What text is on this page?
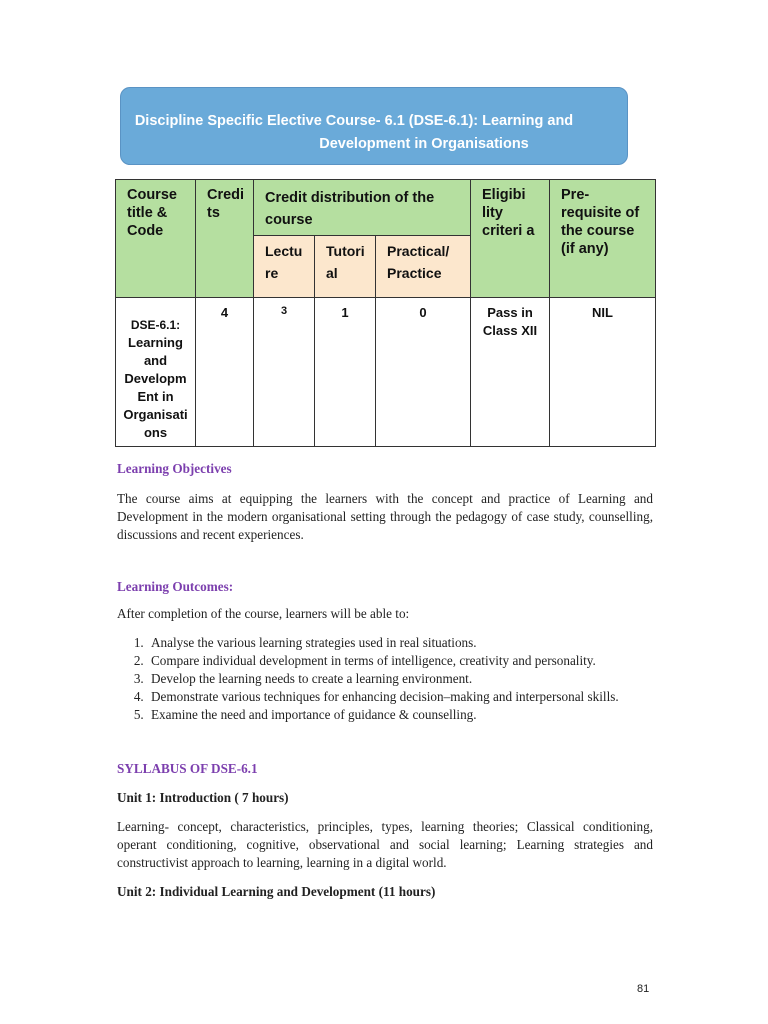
Discipline Specific Elective Course- 6.1 (DSE-6.1): Learning and
Development in Organisations
Course title & Code	Credi ts	Credit distribution of the course			Eligibi lity criteri a	Pre- requisite of the course (if any)
		Lectu re	Tutori al	Practical/ Practice		

DSE-6.1:
Learning and Developm Ent in Organisati ons	4	3	1	0	Pass in Class XII	NIL
Learning Objectives

The course aims at equipping the learners with the concept and practice of Learning and Development in the modern organisational setting through the pedagogy of case study, counselling, discussions and recent experiences.

Learning Outcomes:

After completion of the course, learners will be able to:

1. Analyse the various learning strategies used in real situations.
2. Compare individual development in terms of intelligence, creativity and personality.
3. Develop the learning needs to create a learning environment.
4. Demonstrate various techniques for enhancing decision–making and interpersonal skills.
5. Examine the need and importance of guidance & counselling.
SYLLABUS OF DSE-6.1

Unit 1: Introduction ( 7 hours)

Learning- concept, characteristics, principles, types, learning theories; Classical conditioning, operant conditioning, cognitive, observational and social learning; Learning strategies and constructivist approach to learning, learning in a digital world.

Unit 2: Individual Learning and Development (11 hours)

81
